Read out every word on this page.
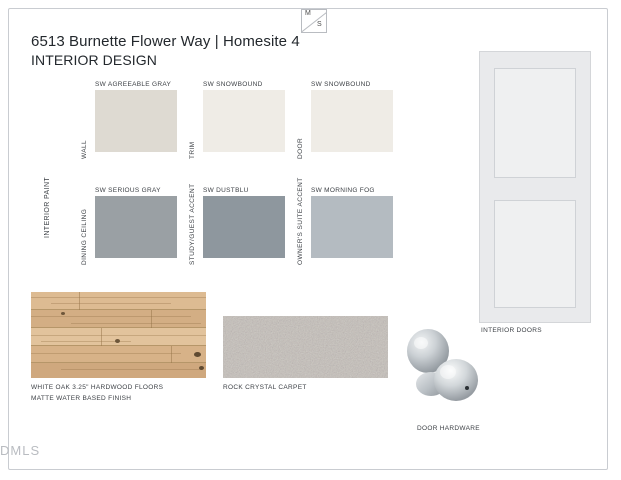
M
S
6513 Burnette Flower Way | Homesite 4
INTERIOR DESIGN
INTERIOR PAINT
SW AGREEABLE GRAY
WALL
SW SNOWBOUND
TRIM
SW SNOWBOUND
DOOR
SW SERIOUS GRAY
DINING CEILING
SW DUSTBLU
STUDY/GUEST ACCENT	SW MORNING FOG
OWNER'S SUITE ACCENT
WHITE OAK 3.25" HARDWOOD FLOORS
MATTE WATER BASED FINISH
ROCK CRYSTAL CARPET
INTERIOR DOORS
DOOR HARDWARE
DMLS
